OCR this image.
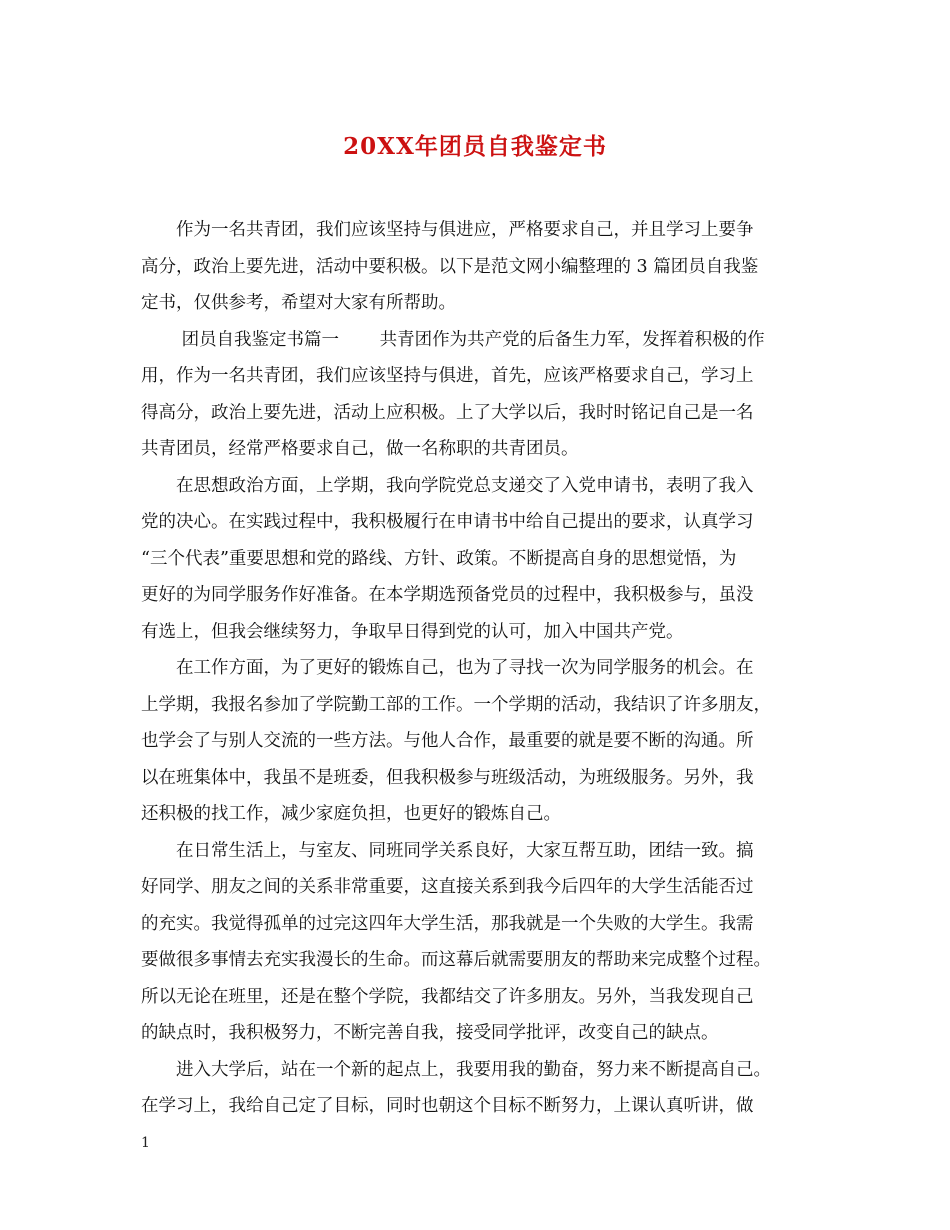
20XX年团员自我鉴定书
　　作为一名共青团，我们应该坚持与俱进应，严格要求自己，并且学习上要争
高分，政治上要先进，活动中要积极。以下是范文网小编整理的 3 篇团员自我鉴
定书，仅供参考，希望对大家有所帮助。
　　 团员自我鉴定书篇一　　 共青团作为共产党的后备生力军，发挥着积极的作
用，作为一名共青团，我们应该坚持与俱进，首先，应该严格要求自己，学习上
得高分，政治上要先进，活动上应积极。上了大学以后，我时时铭记自己是一名
共青团员，经常严格要求自己，做一名称职的共青团员。
　　在思想政治方面，上学期，我向学院党总支递交了入党申请书，表明了我入
党的决心。在实践过程中，我积极履行在申请书中给自己提出的要求，认真学习
“三个代表”重要思想和党的路线、方针、政策。不断提高自身的思想觉悟，为
更好的为同学服务作好准备。在本学期选预备党员的过程中，我积极参与，虽没
有选上，但我会继续努力，争取早日得到党的认可，加入中国共产党。
　　在工作方面，为了更好的锻炼自己，也为了寻找一次为同学服务的机会。在
上学期，我报名参加了学院勤工部的工作。一个学期的活动，我结识了许多朋友，
也学会了与别人交流的一些方法。与他人合作，最重要的就是要不断的沟通。所
以在班集体中，我虽不是班委，但我积极参与班级活动，为班级服务。另外，我
还积极的找工作，减少家庭负担，也更好的锻炼自己。
　　在日常生活上，与室友、同班同学关系良好，大家互帮互助，团结一致。搞
好同学、朋友之间的关系非常重要，这直接关系到我今后四年的大学生活能否过
的充实。我觉得孤单的过完这四年大学生活，那我就是一个失败的大学生。我需
要做很多事情去充实我漫长的生命。而这幕后就需要朋友的帮助来完成整个过程。
所以无论在班里，还是在整个学院，我都结交了许多朋友。另外，当我发现自己
的缺点时，我积极努力，不断完善自我，接受同学批评，改变自己的缺点。
　　进入大学后，站在一个新的起点上，我要用我的勤奋，努力来不断提高自己。
在学习上，我给自己定了目标，同时也朝这个目标不断努力，上课认真听讲，做
1
